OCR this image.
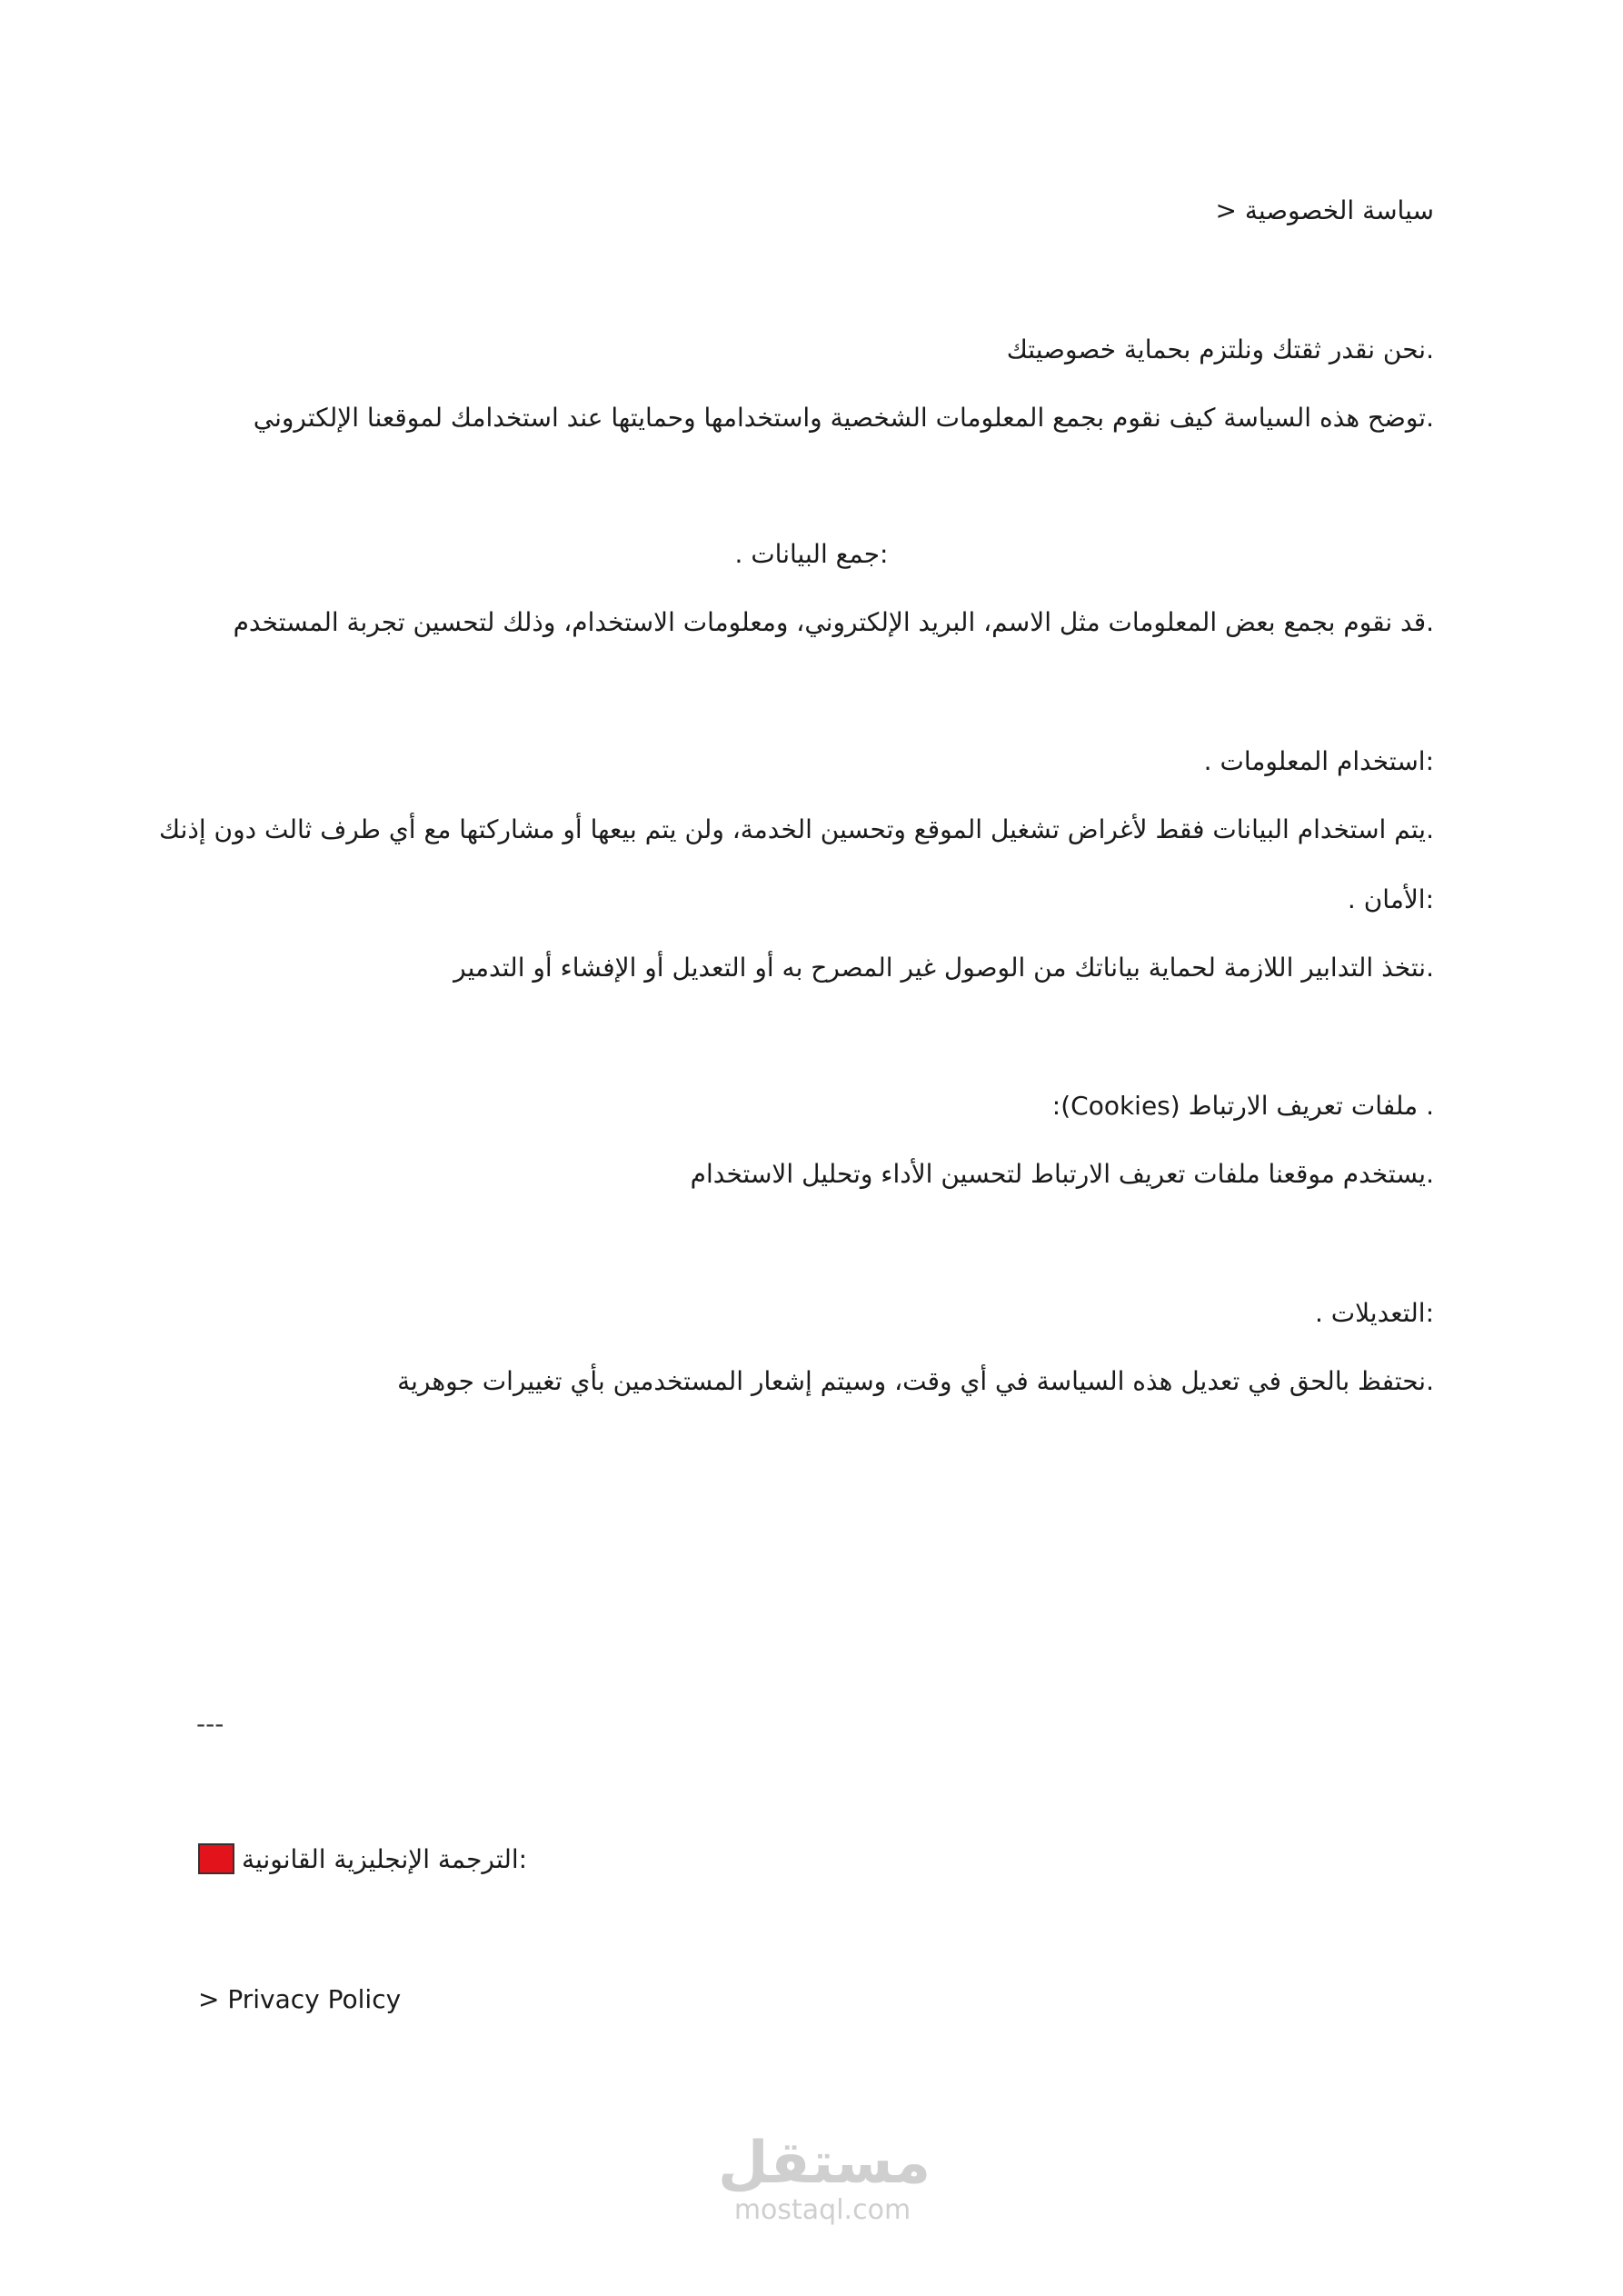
سياسة الخصوصية <
.نحن نقدر ثقتك ونلتزم بحماية خصوصيتك
.توضح هذه السياسة كيف نقوم بجمع المعلومات الشخصية واستخدامها وحمايتها عند استخدامك لموقعنا الإلكتروني
:جمع البيانات .
.قد نقوم بجمع بعض المعلومات مثل الاسم، البريد الإلكتروني، ومعلومات الاستخدام، وذلك لتحسين تجربة المستخدم
:استخدام المعلومات .
.يتم استخدام البيانات فقط لأغراض تشغيل الموقع وتحسين الخدمة، ولن يتم بيعها أو مشاركتها مع أي طرف ثالث دون إذنك
:الأمان .
.نتخذ التدابير اللازمة لحماية بياناتك من الوصول غير المصرح به أو التعديل أو الإفشاء أو التدمير
:(Cookies) ملفات تعريف الارتباط .
.يستخدم موقعنا ملفات تعريف الارتباط لتحسين الأداء وتحليل الاستخدام
:التعديلات .
.نحتفظ بالحق في تعديل هذه السياسة في أي وقت، وسيتم إشعار المستخدمين بأي تغييرات جوهرية
---
:الترجمة الإنجليزية القانونية
> Privacy Policy
مستقل
mostaql.com
